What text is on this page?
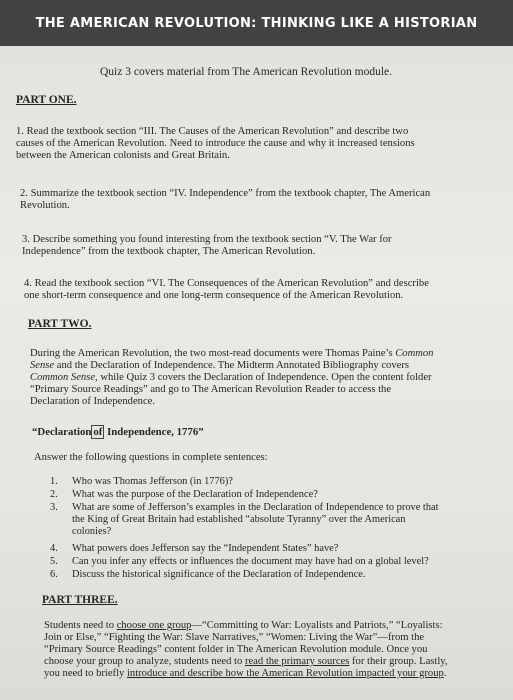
THE AMERICAN REVOLUTION: THINKING LIKE A HISTORIAN
Quiz 3 covers material from The American Revolution module.
PART ONE.
1. Read the textbook section “III. The Causes of the American Revolution” and describe two
causes of the American Revolution. Need to introduce the cause and why it increased tensions
between the American colonists and Great Britain.
2. Summarize the textbook section “IV. Independence” from the textbook chapter, The American
Revolution.
3. Describe something you found interesting from the textbook section “V. The War for
Independence” from the textbook chapter, The American Revolution.
4. Read the textbook section “VI. The Consequences of the American Revolution” and describe
one short-term consequence and one long-term consequence of the American Revolution.
PART TWO.
During the American Revolution, the two most-read documents were Thomas Paine’s Common
Sense and the Declaration of Independence. The Midterm Annotated Bibliography covers
Common Sense, while Quiz 3 covers the Declaration of Independence. Open the content folder
“Primary Source Readings” and go to The American Revolution Reader to access the
Declaration of Independence.
“Declaration of Independence, 1776”
Answer the following questions in complete sentences:
1.	Who was Thomas Jefferson (in 1776)?
2.	What was the purpose of the Declaration of Independence?
3.	What are some of Jefferson’s examples in the Declaration of Independence to prove that
the King of Great Britain had established “absolute Tyranny” over the American
colonies?
4.	What powers does Jefferson say the “Independent States” have?
5.	Can you infer any effects or influences the document may have had on a global level?
6.	Discuss the historical significance of the Declaration of Independence.
PART THREE.
Students need to choose one group—“Committing to War: Loyalists and Patriots,” “Loyalists:
Join or Else,” “Fighting the War: Slave Narratives,” “Women: Living the War”—from the
“Primary Source Readings” content folder in The American Revolution module. Once you
choose your group to analyze, students need to read the primary sources for their group. Lastly,
you need to briefly introduce and describe how the American Revolution impacted your group.
